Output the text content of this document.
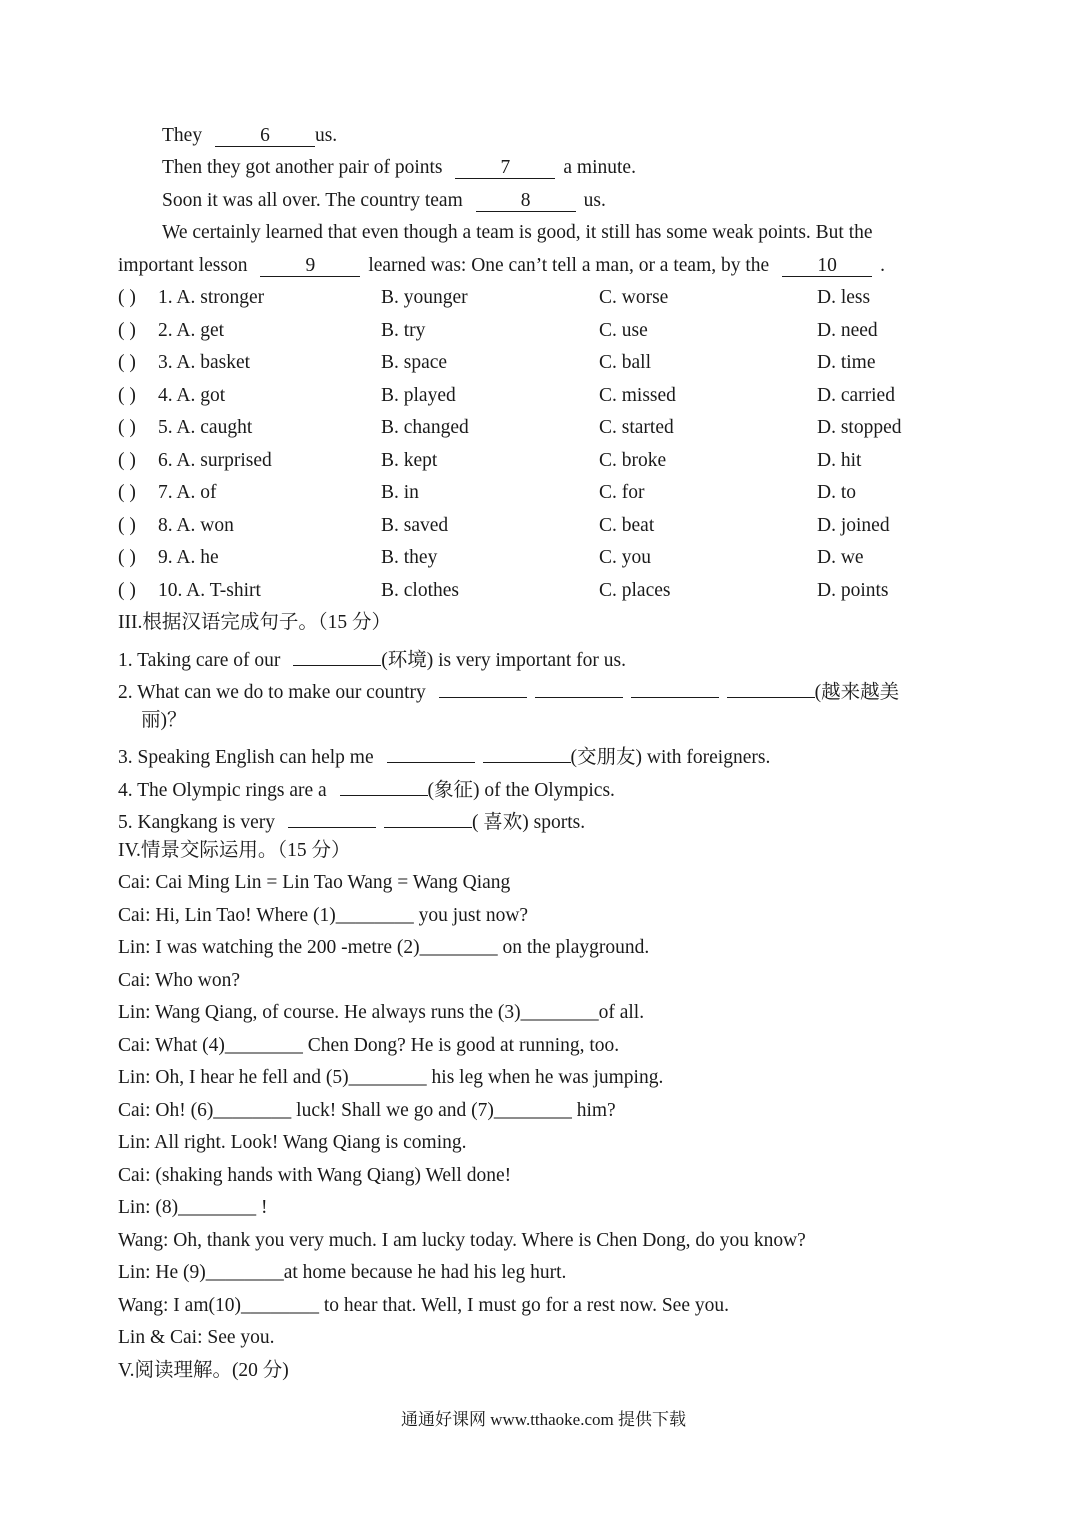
They	6 us.
Then they got another pair of points	7	a minute.
Soon it was all over. The country team	8	us.
We certainly learned that even though a team is good, it still has some weak points. But the
important lesson	9	learned was: One can’t tell a man, or a team, by the 10 .
( ) 1. A. stronger	B. younger	C. worse	D. less
( ) 2. A. get	B. try	C. use	D. need
( ) 3. A. basket	B. space	C. ball	D. time
( ) 4. A. got	B. played	C. missed	D. carried
( ) 5. A. caught	B. changed	C. started	D. stopped
( ) 6. A. surprised	B. kept	C. broke	D. hit
( ) 7. A. of	B. in	C. for	D. to
( ) 8. A. won	B. saved	C. beat	D. joined
( ) 9. A. he	B. they	C. you	D. we
( ) 10. A. T-shirt	B. clothes	C. places	D. points
III.根据汉语完成句子。（15 分）
1. Taking care of our	(环境) is very important for us.
2. What can we do to make our country	(越来越美
丽)？
3. Speaking English can help me	(交朋友) with foreigners.
4. The Olympic rings are a	(象征) of the Olympics.
5. Kangkang is very	( 喜欢) sports.
IV.情景交际运用。（15 分）
Cai: Cai Ming Lin = Lin Tao Wang = Wang Qiang
Cai: Hi, Lin Tao! Where (1)________ you just now?
Lin: I was watching the 200 -metre (2)________ on the playground.
Cai: Who won?
Lin: Wang Qiang, of course. He always runs the (3)________of all.
Cai: What (4)________ Chen Dong? He is good at running, too.
Lin: Oh, I hear he fell and (5)________ his leg when he was jumping.
Cai: Oh! (6)________ luck! Shall we go and (7)________ him?
Lin: All right. Look! Wang Qiang is coming.
Cai: (shaking hands with Wang Qiang) Well done!
Lin: (8)________ !
Wang: Oh, thank you very much. I am lucky today. Where is Chen Dong, do you know?
Lin: He (9)________at home because he had his leg hurt.
Wang: I am(10)________ to hear that. Well, I must go for a rest now. See you.
Lin & Cai: See you.
V.阅读理解。(20 分)
通通好课网 www.tthaoke.com 提供下载
